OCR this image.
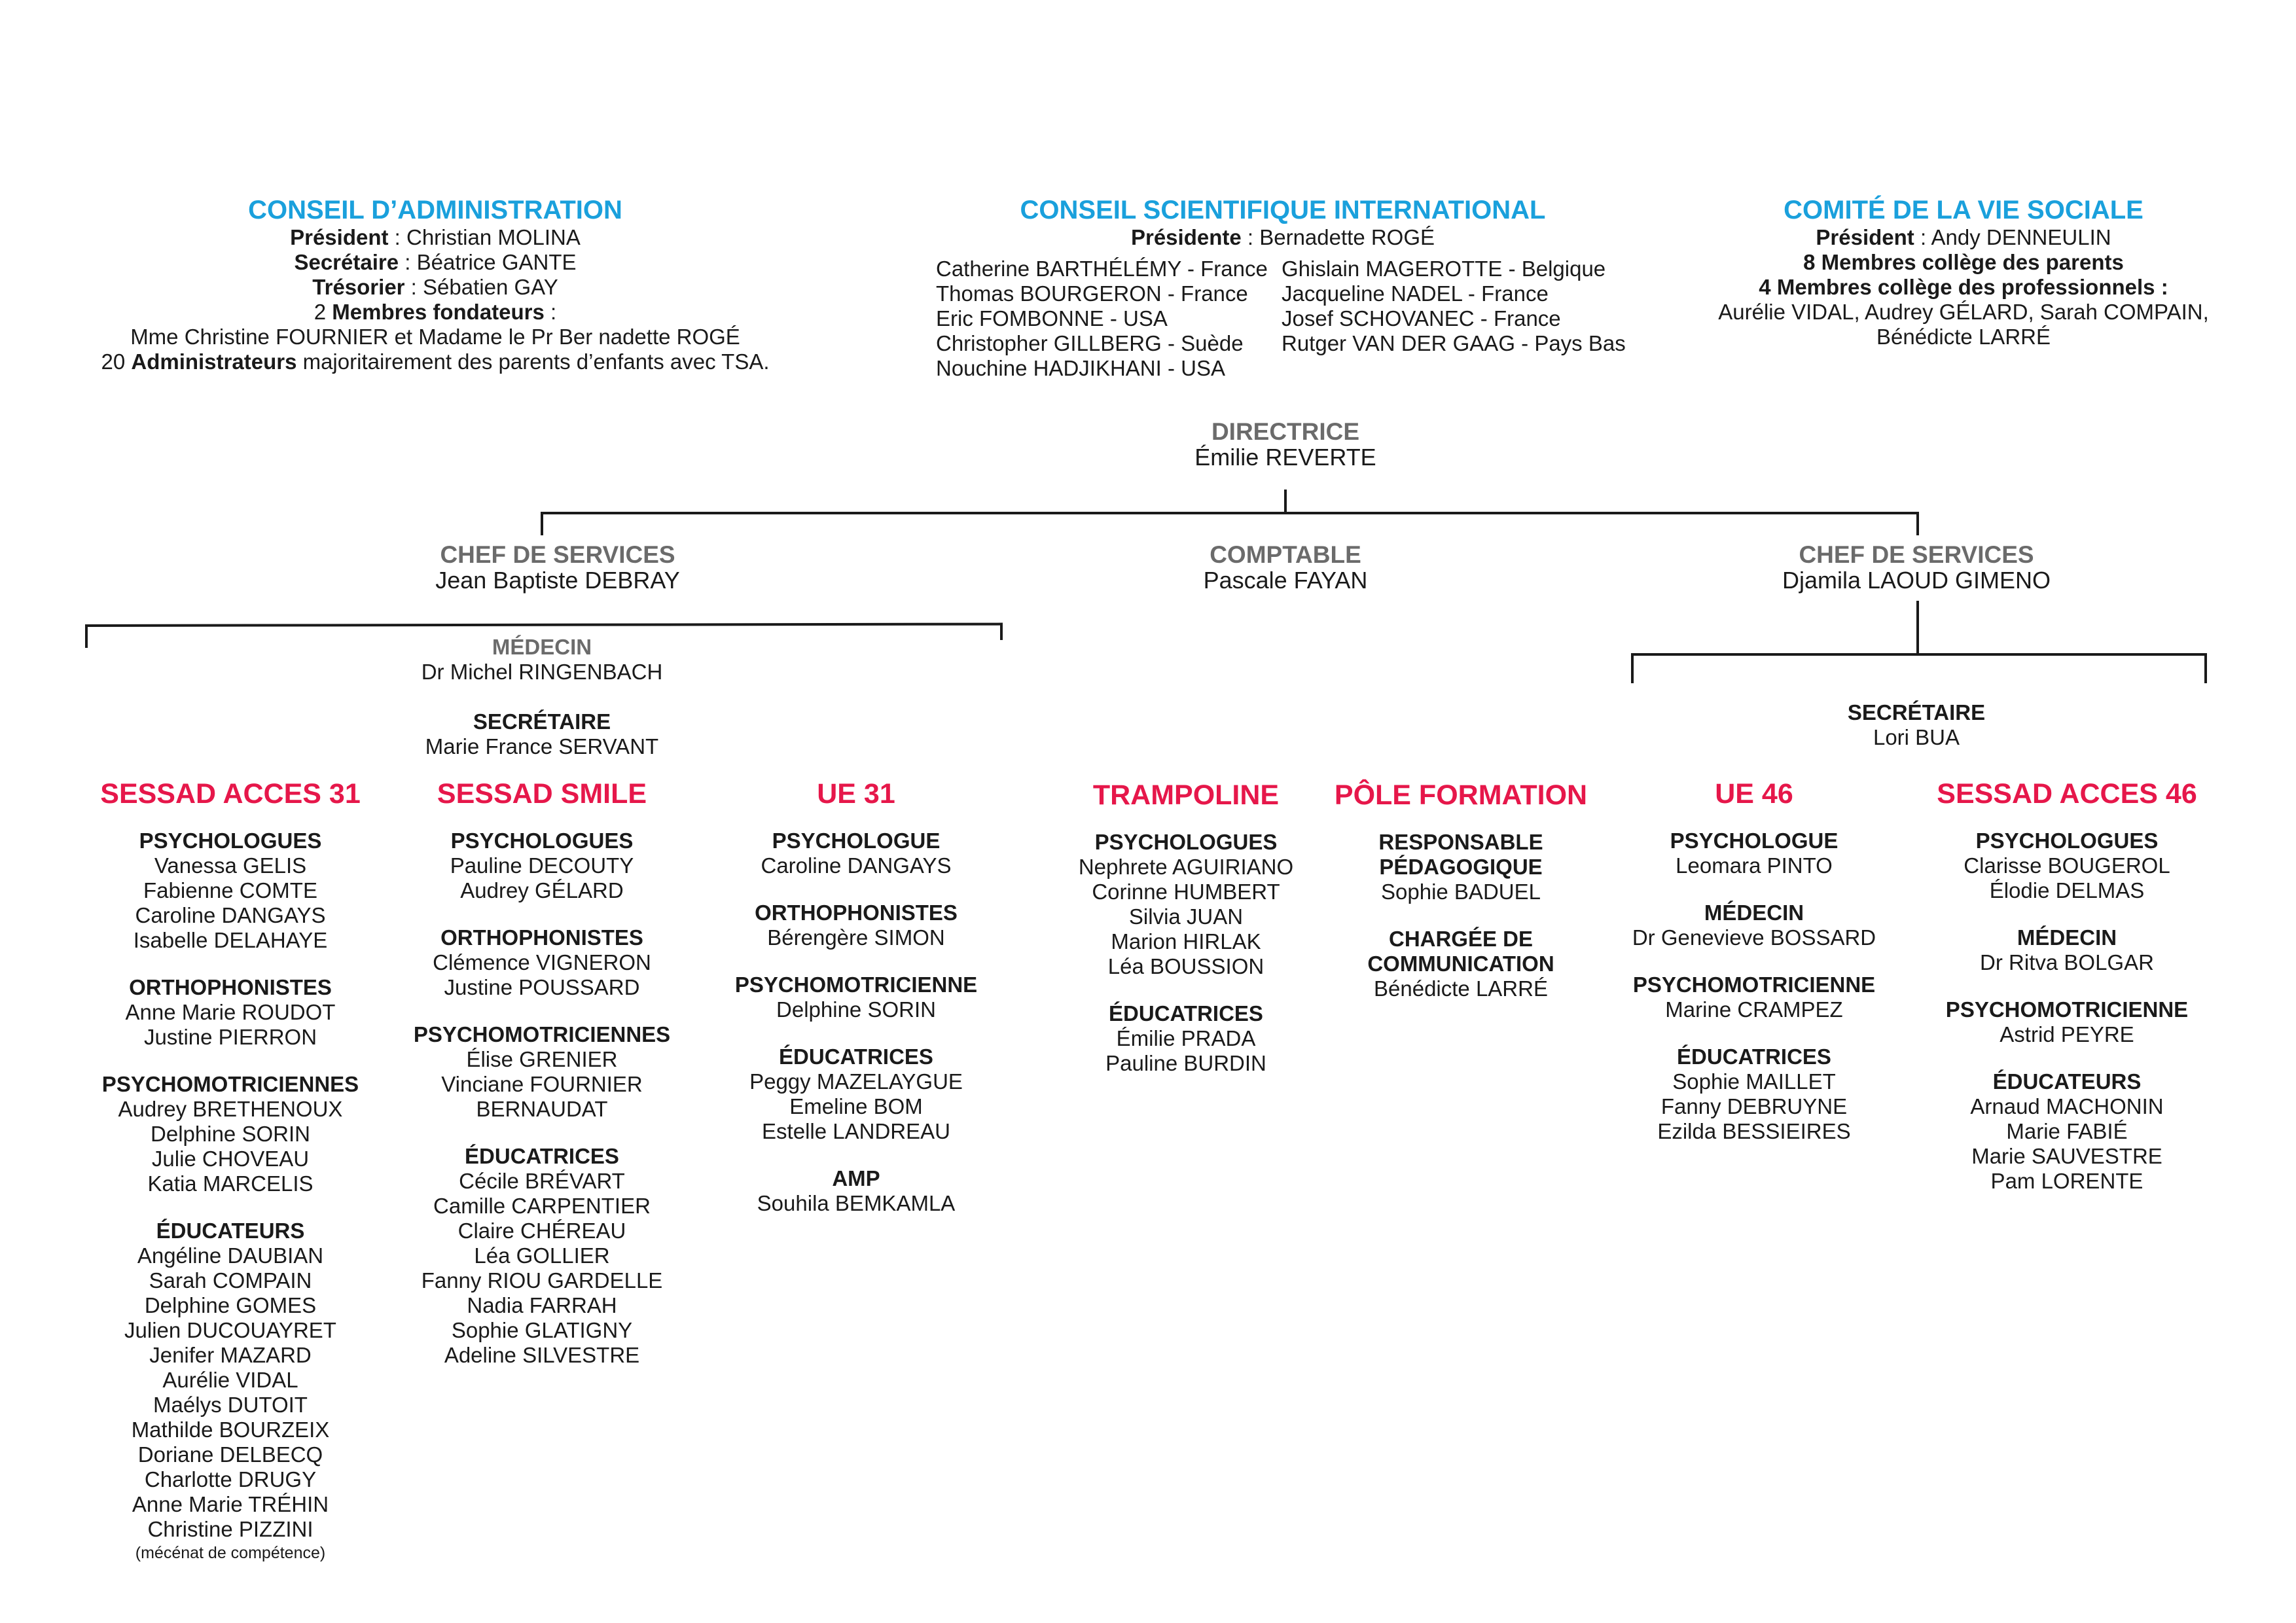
CONSEIL D’ADMINISTRATION
Président : Christian MOLINA
Secrétaire : Béatrice GANTE
Trésorier : Sébatien GAY
2 Membres fondateurs :
Mme Christine FOURNIER et Madame le Pr Ber nadette ROGÉ
20 Administrateurs majoritairement des parents d’enfants avec TSA.
CONSEIL SCIENTIFIQUE INTERNATIONAL
Présidente : Bernadette ROGÉ
Catherine BARTHÉLÉMY - France
Thomas BOURGERON - France
Eric FOMBONNE - USA
Christopher GILLBERG - Suède
Nouchine HADJIKHANI - USA
Ghislain MAGEROTTE - Belgique
Jacqueline NADEL - France
Josef SCHOVANEC - France
Rutger VAN DER GAAG - Pays Bas
COMITÉ DE LA VIE SOCIALE
Président : Andy DENNEULIN
8 Membres collège des parents
4 Membres collège des professionnels :
Aurélie VIDAL, Audrey GÉLARD, Sarah COMPAIN,
Bénédicte LARRÉ
DIRECTRICE
Émilie REVERTE
CHEF DE SERVICES
Jean Baptiste DEBRAY
COMPTABLE
Pascale FAYAN
CHEF DE SERVICES
Djamila LAOUD GIMENO
MÉDECIN
Dr Michel RINGENBACH
SECRÉTAIRE
Marie France SERVANT
SECRÉTAIRE
Lori BUA
SESSAD ACCES 31
PSYCHOLOGUES
Vanessa GELIS
Fabienne COMTE
Caroline DANGAYS
Isabelle DELAHAYE
ORTHOPHONISTES
Anne Marie ROUDOT
Justine PIERRON
PSYCHOMOTRICIENNES
Audrey BRETHENOUX
Delphine SORIN
Julie CHOVEAU
Katia MARCELIS
ÉDUCATEURS
Angéline DAUBIAN
Sarah COMPAIN
Delphine GOMES
Julien DUCOUAYRET
Jenifer MAZARD
Aurélie VIDAL
Maélys DUTOIT
Mathilde BOURZEIX
Doriane DELBECQ
Charlotte DRUGY
Anne Marie TRÉHIN
Christine PIZZINI
(mécénat de compétence)
SESSAD SMILE
PSYCHOLOGUES
Pauline DECOUTY
Audrey GÉLARD
ORTHOPHONISTES
Clémence VIGNERON
Justine POUSSARD
PSYCHOMOTRICIENNES
Élise GRENIER
Vinciane FOURNIER
BERNAUDAT
ÉDUCATRICES
Cécile BRÉVART
Camille CARPENTIER
Claire CHÉREAU
Léa GOLLIER
Fanny RIOU GARDELLE
Nadia FARRAH
Sophie GLATIGNY
Adeline SILVESTRE
UE 31
PSYCHOLOGUE
Caroline DANGAYS
ORTHOPHONISTES
Bérengère SIMON
PSYCHOMOTRICIENNE
Delphine SORIN
ÉDUCATRICES
Peggy MAZELAYGUE
Emeline BOM
Estelle LANDREAU
AMP
Souhila BEMKAMLA
TRAMPOLINE
PSYCHOLOGUES
Nephrete AGUIRIANO
Corinne HUMBERT
Silvia JUAN
Marion HIRLAK
Léa BOUSSION
ÉDUCATRICES
Émilie PRADA
Pauline BURDIN
PÔLE FORMATION
RESPONSABLE
PÉDAGOGIQUE
Sophie BADUEL
CHARGÉE DE
COMMUNICATION
Bénédicte LARRÉ
UE 46
PSYCHOLOGUE
Leomara PINTO
MÉDECIN
Dr Genevieve BOSSARD
PSYCHOMOTRICIENNE
Marine CRAMPEZ
ÉDUCATRICES
Sophie MAILLET
Fanny DEBRUYNE
Ezilda BESSIEIRES
SESSAD ACCES 46
PSYCHOLOGUES
Clarisse BOUGEROL
Élodie DELMAS
MÉDECIN
Dr Ritva BOLGAR
PSYCHOMOTRICIENNE
Astrid PEYRE
ÉDUCATEURS
Arnaud MACHONIN
Marie FABIÉ
Marie SAUVESTRE
Pam LORENTE
